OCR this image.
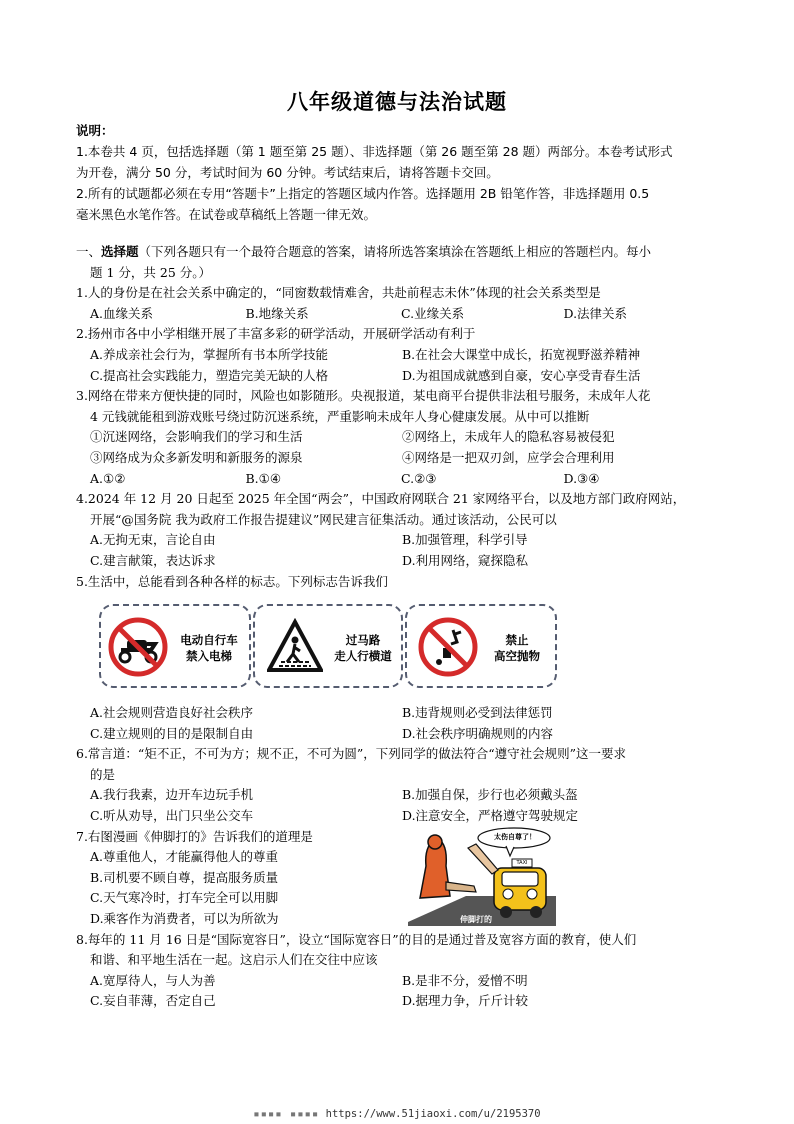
八年级道德与法治试题
说明：
1.本卷共 4 页，包括选择题（第 1 题至第 25 题）、非选择题（第 26 题至第 28 题）两部分。本卷考试形式
为开卷，满分 50 分，考试时间为 60 分钟。考试结束后，请将答题卡交回。
2.所有的试题都必须在专用“答题卡”上指定的答题区域内作答。选择题用 2B 铅笔作答，非选择题用 0.5
毫米黑色水笔作答。在试卷或草稿纸上答题一律无效。
一、选择题（下列各题只有一个最符合题意的答案，请将所选答案填涂在答题纸上相应的答题栏内。每小
题 1 分，共 25 分。）
1.人的身份是在社会关系中确定的，“同窗数载情难舍，共赴前程志未休”体现的社会关系类型是
A.血缘关系	B.地缘关系	C.业缘关系	D.法律关系
2.扬州市各中小学相继开展了丰富多彩的研学活动，开展研学活动有利于
A.养成亲社会行为，掌握所有书本所学技能	B.在社会大课堂中成长，拓宽视野滋养精神
C.提高社会实践能力，塑造完美无缺的人格	D.为祖国成就感到自豪，安心享受青春生活
3.网络在带来方便快捷的同时，风险也如影随形。央视报道，某电商平台提供非法租号服务，未成年人花
4 元钱就能租到游戏账号绕过防沉迷系统，严重影响未成年人身心健康发展。从中可以推断
①沉迷网络，会影响我们的学习和生活	②网络上，未成年人的隐私容易被侵犯
③网络成为众多新发明和新服务的源泉	④网络是一把双刃剑，应学会合理利用
A.①②	B.①④	C.②③	D.③④
4.2024 年 12 月 20 日起至 2025 年全国“两会”，中国政府网联合 21 家网络平台，以及地方部门政府网站，
开展“@国务院 我为政府工作报告提建议”网民建言征集活动。通过该活动，公民可以
A.无拘无束，言论自由	B.加强管理，科学引导
C.建言献策，表达诉求	D.利用网络，窥探隐私
5.生活中，总能看到各种各样的标志。下列标志告诉我们
A.社会规则营造良好社会秩序	B.违背规则必受到法律惩罚
C.建立规则的目的是限制自由	D.社会秩序明确规则的内容
6.常言道：“矩不正，不可为方；规不正，不可为圆”，下列同学的做法符合“遵守社会规则”这一要求
的是
A.我行我素，边开车边玩手机	B.加强自保，步行也必须戴头盔
C.听从劝导，出门只坐公交车	D.注意安全，严格遵守驾驶规定
7.右图漫画《伸脚打的》告诉我们的道理是
A.尊重他人，才能赢得他人的尊重
B.司机要不顾自尊，提高服务质量
C.天气寒冷时，打车完全可以用脚
D.乘客作为消费者，可以为所欲为
8.每年的 11 月 16 日是“国际宽容日”，设立“国际宽容日”的目的是通过普及宽容方面的教育，使人们
和谐、和平地生活在一起。这启示人们在交往中应该
A.宽厚待人，与人为善	B.是非不分，爱憎不明
C.妄自菲薄，否定自己	D.据理力争，斤斤计较
电动自行车
禁入电梯
过马路
走人行横道
禁止
高空抛物
太伤自尊了！
TAXI
伸脚打的
▪▪▪▪ ▪▪▪▪ https://www.51jiaoxi.com/u/2195370
